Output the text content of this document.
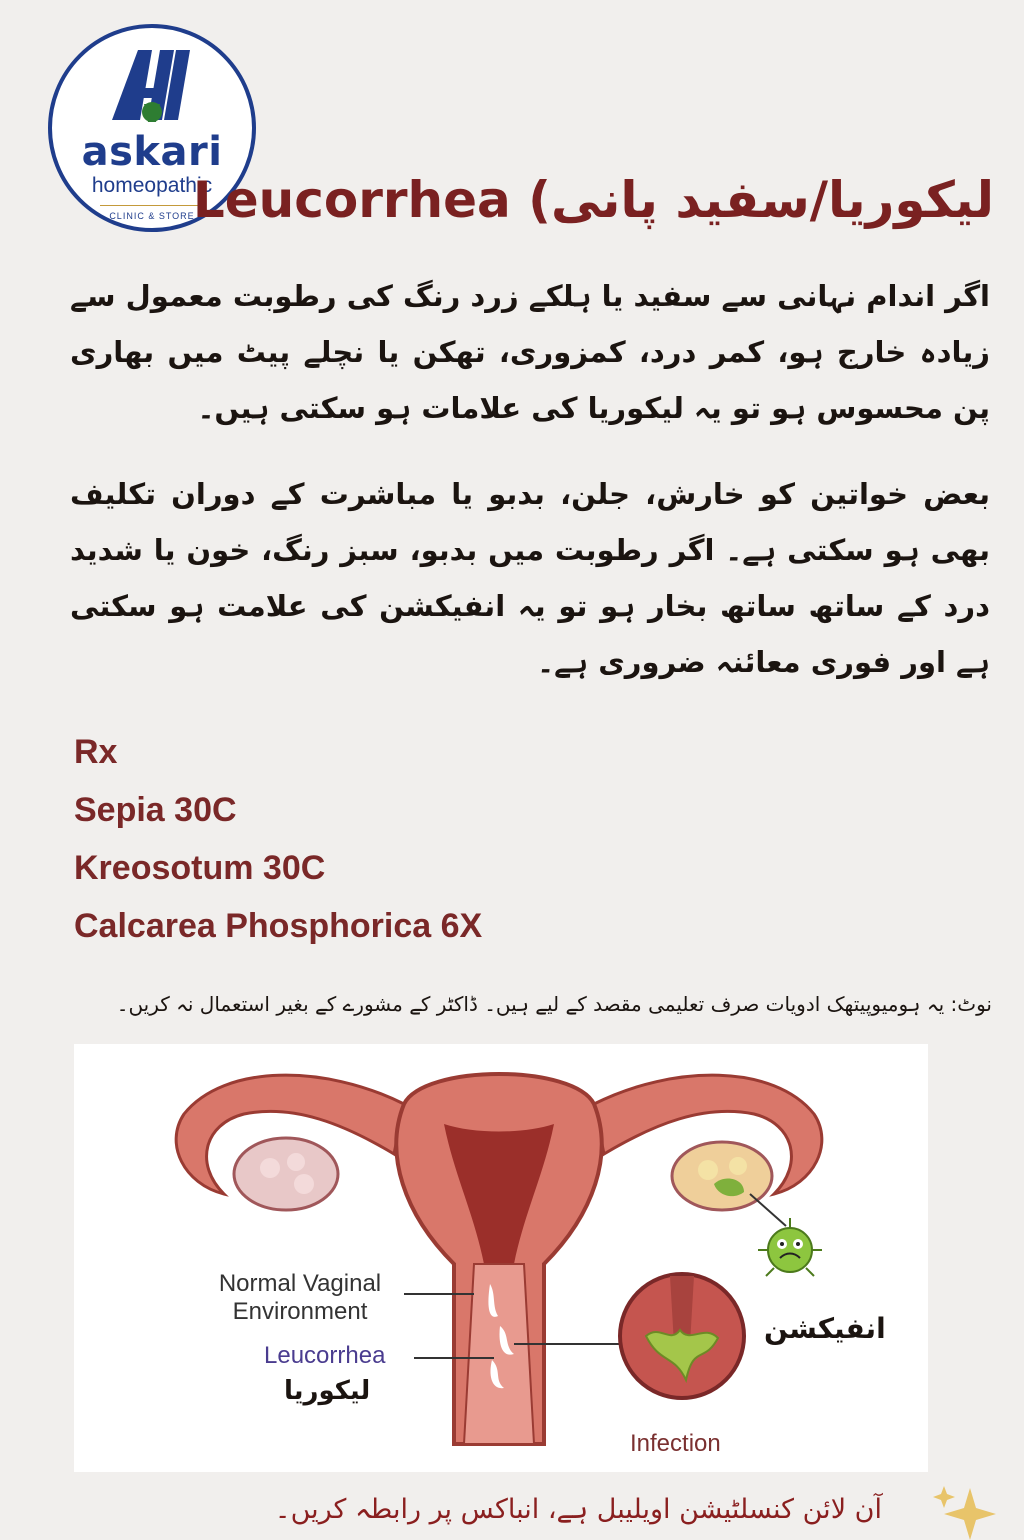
askari
homeopathic
CLINIC & STORE
لیکوریا/سفید پانی) Leucorrhea
اگر اندام نہانی سے سفید یا ہلکے زرد رنگ کی رطوبت معمول سے زیادہ خارج ہو، کمر درد، کمزوری، تھکن یا نچلے پیٹ میں بھاری پن محسوس ہو تو یہ لیکوریا کی علامات ہو سکتی ہیں۔
بعض خواتین کو خارش، جلن، بدبو یا مباشرت کے دوران تکلیف بھی ہو سکتی ہے۔ اگر رطوبت میں بدبو، سبز رنگ، خون یا شدید درد کے ساتھ ساتھ بخار ہو تو یہ انفیکشن کی علامت ہو سکتی ہے اور فوری معائنہ ضروری ہے۔
Rx
Sepia 30C
Kreosotum 30C
Calcarea Phosphorica 6X
نوٹ: یہ ہومیوپیتھک ادویات صرف تعلیمی مقصد کے لیے ہیں۔ ڈاکٹر کے مشورے کے بغیر استعمال نہ کریں۔
Normal Vaginal Environment
Leucorrhea
لیکوریا
Infection
انفیکشن
آن لائن کنسلٹیشن اویلیبل ہے، انباکس پر رابطہ کریں۔
